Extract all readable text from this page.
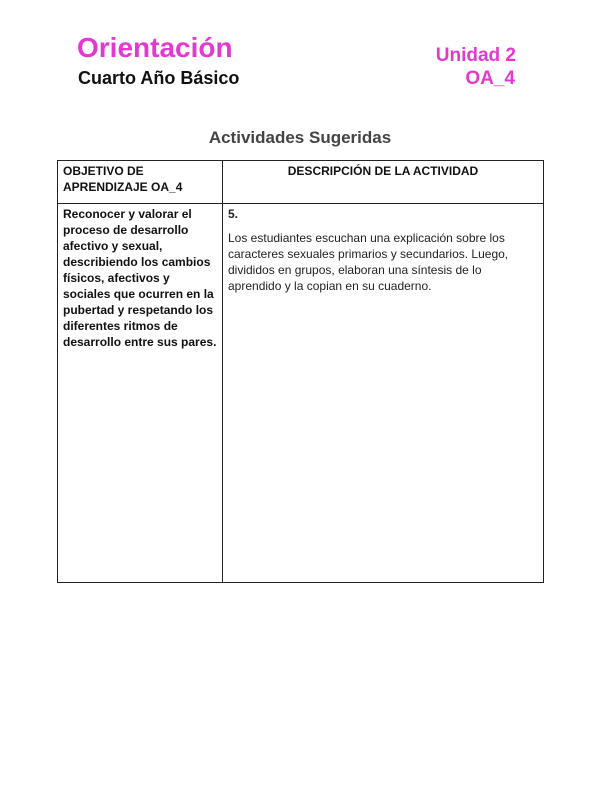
Orientación
Cuarto Año Básico
Unidad 2
OA_4
Actividades Sugeridas
OBJETIVO DE APRENDIZAJE OA_4	DESCRIPCIÓN DE LA ACTIVIDAD
Reconocer y valorar el proceso de desarrollo afectivo y sexual, describiendo los cambios físicos, afectivos y sociales que ocurren en la pubertad y respetando los diferentes ritmos de desarrollo entre sus pares.	5.
Los estudiantes escuchan una explicación sobre los caracteres sexuales primarios y secundarios. Luego, divididos en grupos, elaboran una síntesis de lo aprendido y la copian en su cuaderno.
